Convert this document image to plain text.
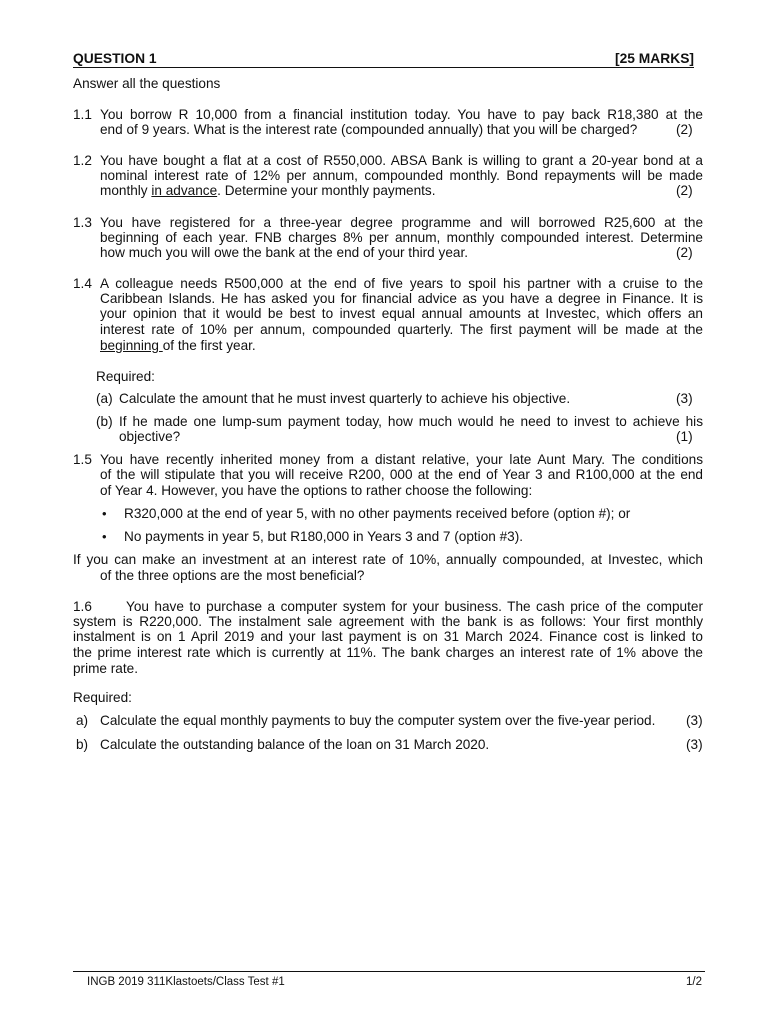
QUESTION 1	[25 MARKS]
Answer all the questions
1.1 You borrow R 10,000 from a financial institution today. You have to pay back R18,380 at the
end of 9 years. What is the interest rate (compounded annually) that you will be charged?	(2)
1.2 You have bought a flat at a cost of R550,000. ABSA Bank is willing to grant a 20-year bond at a
nominal interest rate of 12% per annum, compounded monthly. Bond repayments will be made
monthly in advance. Determine your monthly payments.	(2)
1.3 You have registered for a three-year degree programme and will borrowed R25,600 at the
beginning of each year. FNB charges 8% per annum, monthly compounded interest. Determine
how much you will owe the bank at the end of your third year.	(2)
1.4 A colleague needs R500,000 at the end of five years to spoil his partner with a cruise to the
Caribbean Islands. He has asked you for financial advice as you have a degree in Finance. It is
your opinion that it would be best to invest equal annual amounts at Investec, which offers an
interest rate of 10% per annum, compounded quarterly. The first payment will be made at the
beginning of the first year.
Required:
(a) Calculate the amount that he must invest quarterly to achieve his objective.	(3)
(b) If he made one lump-sum payment today, how much would he need to invest to achieve his
objective?	(1)
1.5 You have recently inherited money from a distant relative, your late Aunt Mary. The conditions
of the will stipulate that you will receive R200, 000 at the end of Year 3 and R100,000 at the end
of Year 4. However, you have the options to rather choose the following:
• R320,000 at the end of year 5, with no other payments received before (option #); or
• No payments in year 5, but R180,000 in Years 3 and 7 (option #3).
If you can make an investment at an interest rate of 10%, annually compounded, at Investec, which
of the three options are the most beneficial?
1.6	You have to purchase a computer system for your business. The cash price of the computer
system is R220,000. The instalment sale agreement with the bank is as follows: Your first monthly
instalment is on 1 April 2019 and your last payment is on 31 March 2024. Finance cost is linked to
the prime interest rate which is currently at 11%. The bank charges an interest rate of 1% above the
prime rate.
Required:
a) Calculate the equal monthly payments to buy the computer system over the five-year period. (3)
b) Calculate the outstanding balance of the loan on 31 March 2020.	(3)
INGB 2019 311Klastoets/Class Test #1	1/2
